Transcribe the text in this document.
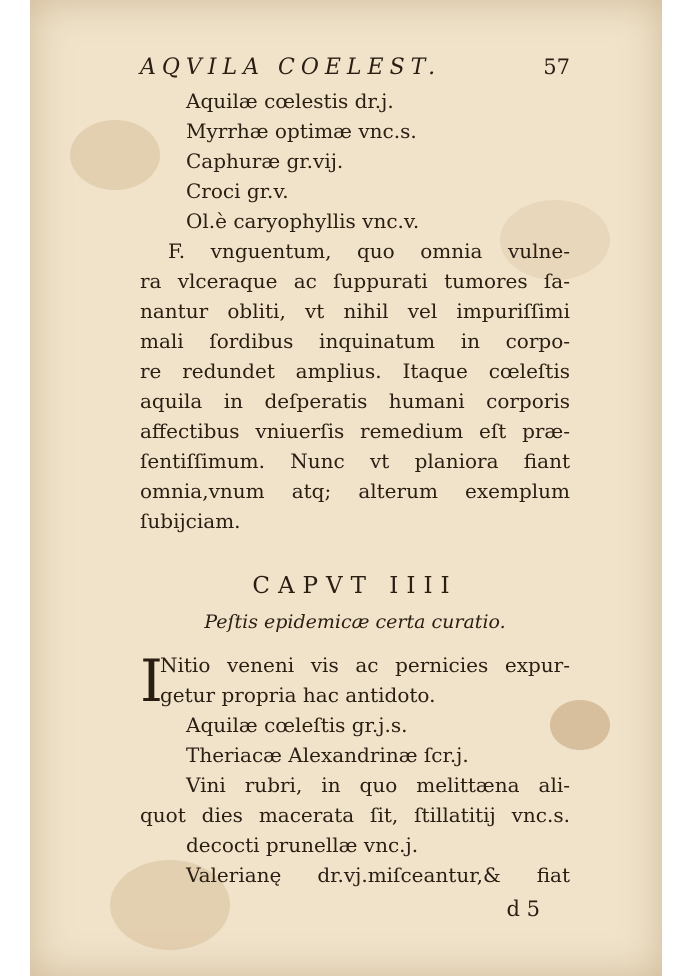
AQVILA COELEST.	57
Aquilæ cœlestis dr.j.
Myrrhæ optimæ vnc.s.
Caphuræ gr.vij.
Croci gr.v.
Ol.è caryophyllis vnc.v.
F. vnguentum, quo omnia vulne-
ra vlceraque ac ſuppurati tumores ſa-
nantur obliti, vt nihil vel impuriſſimi
mali ſordibus inquinatum in corpo-
re redundet amplius. Itaque cœleſtis
aquila in deſperatis humani corporis
affectibus vniuerſis remedium eſt præ-
ſentiſſimum. Nunc vt planiora fiant
omnia,vnum atq; alterum exemplum
ſubijciam.
CAPVT IIII
Peſtis epidemicæ certa curatio.
I
Nitio veneni vis ac pernicies expur-
getur propria hac antidoto.
Aquilæ cœleſtis gr.j.s.
Theriacæ Alexandrinæ ſcr.j.
Vini rubri, in quo melittæna ali-
quot dies macerata ſit, ſtillatitij vnc.s.
decocti prunellæ vnc.j.
Valerianę dr.vj.miſceantur,& fiat
d 5
